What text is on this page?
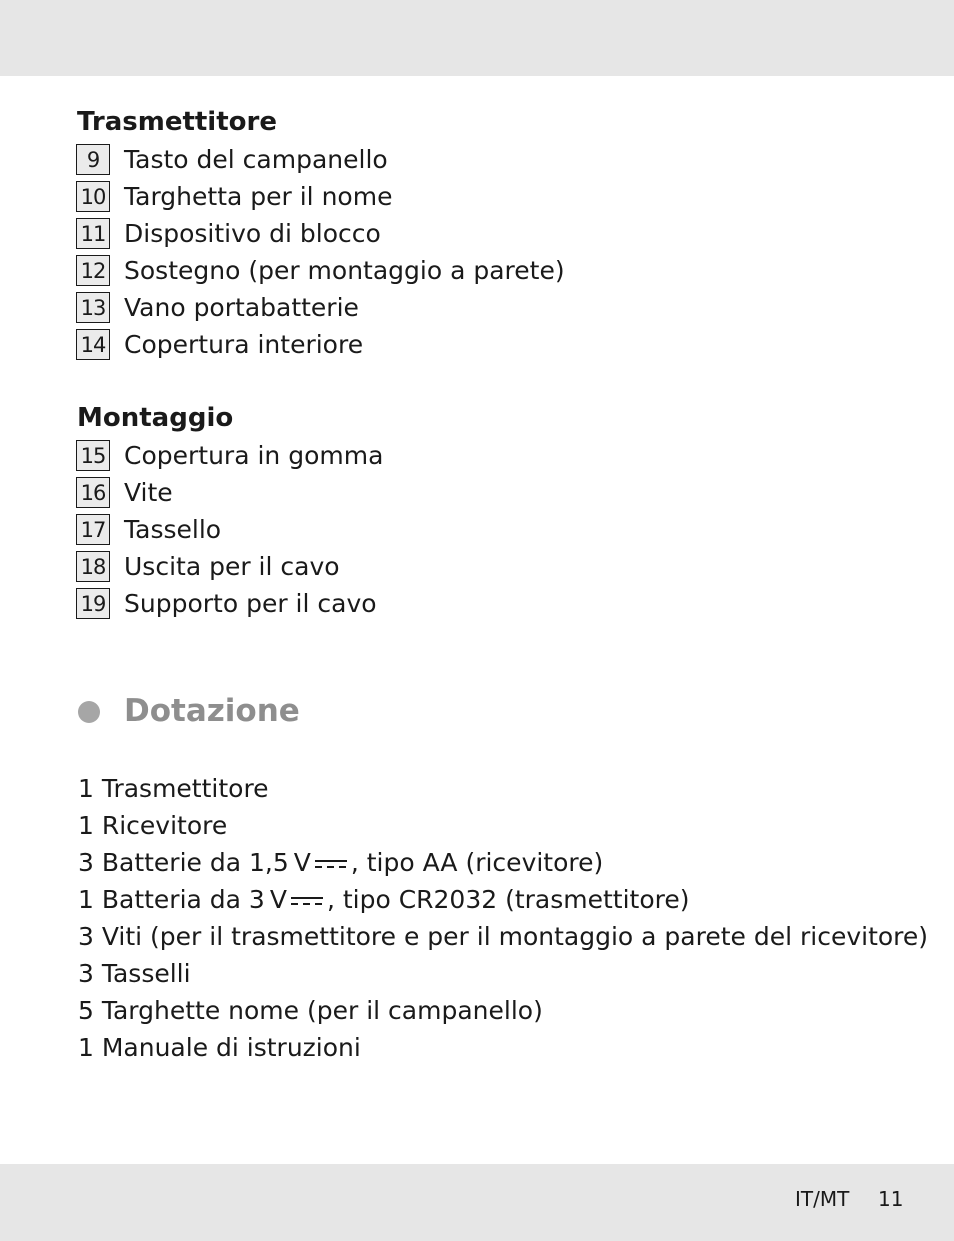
Trasmettitore
9 Tasto del campanello
10 Targhetta per il nome
11 Dispositivo di blocco
12 Sostegno (per montaggio a parete)
13 Vano portabatterie
14 Copertura interiore
Montaggio
15 Copertura in gomma
16 Vite
17 Tassello
18 Uscita per il cavo
19 Supporto per il cavo
Dotazione
1 Trasmettitore
1 Ricevitore
3 Batterie da 1,5 V , tipo AA (ricevitore)
1 Batteria da 3 V , tipo CR2032 (trasmettitore)
3 Viti (per il trasmettitore e per il montaggio a parete del ricevitore)
3 Tasselli
5 Targhette nome (per il campanello)
1 Manuale di istruzioni
IT/MT 11
